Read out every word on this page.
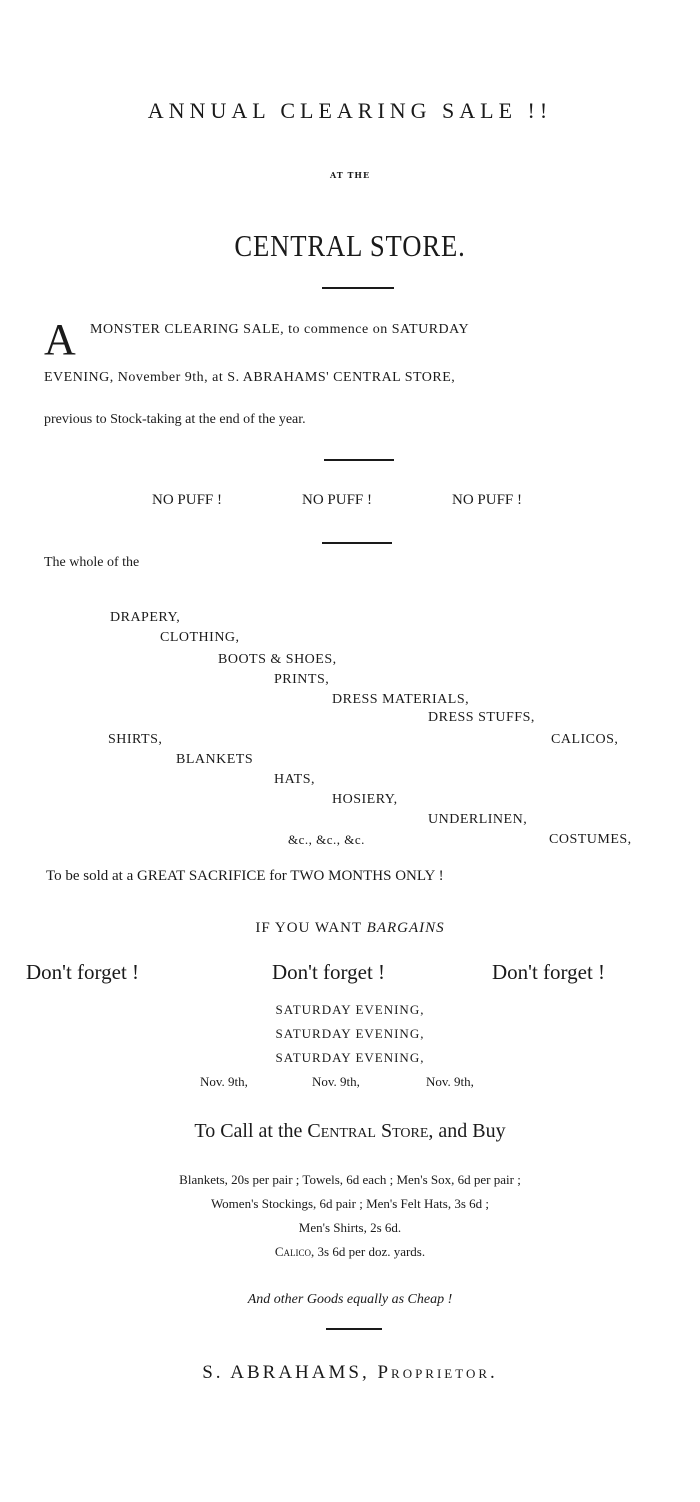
ANNUAL CLEARING SALE !!
AT THE
CENTRAL STORE.
A MONSTER CLEARING SALE, to commence on SATURDAY
EVENING, November 9th, at S. ABRAHAMS' CENTRAL STORE,
previous to Stock-taking at the end of the year.
NO PUFF !	NO PUFF !	NO PUFF !
The whole of the
DRAPERY,
CLOTHING,
BOOTS & SHOES,
PRINTS,
DRESS MATERIALS,
DRESS STUFFS,
SHIRTS,	CALICOS,
BLANKETS
HATS,
HOSIERY,
UNDERLINEN,
&c., &c., &c.	COSTUMES,
To be sold at a GREAT SACRIFICE for TWO MONTHS ONLY !
IF YOU WANT BARGAINS
Don't forget !	Don't forget !	Don't forget !
SATURDAY EVENING,
SATURDAY EVENING,
SATURDAY EVENING,
Nov. 9th,	Nov. 9th,	Nov. 9th,
To Call at the Central Store, and Buy
Blankets, 20s per pair ; Towels, 6d each ; Men's Sox, 6d per pair ;
Women's Stockings, 6d pair ; Men's Felt Hats, 3s 6d ;
Men's Shirts, 2s 6d.
Calico, 3s 6d per doz. yards.
And other Goods equally as Cheap !
S. ABRAHAMS, Proprietor.
